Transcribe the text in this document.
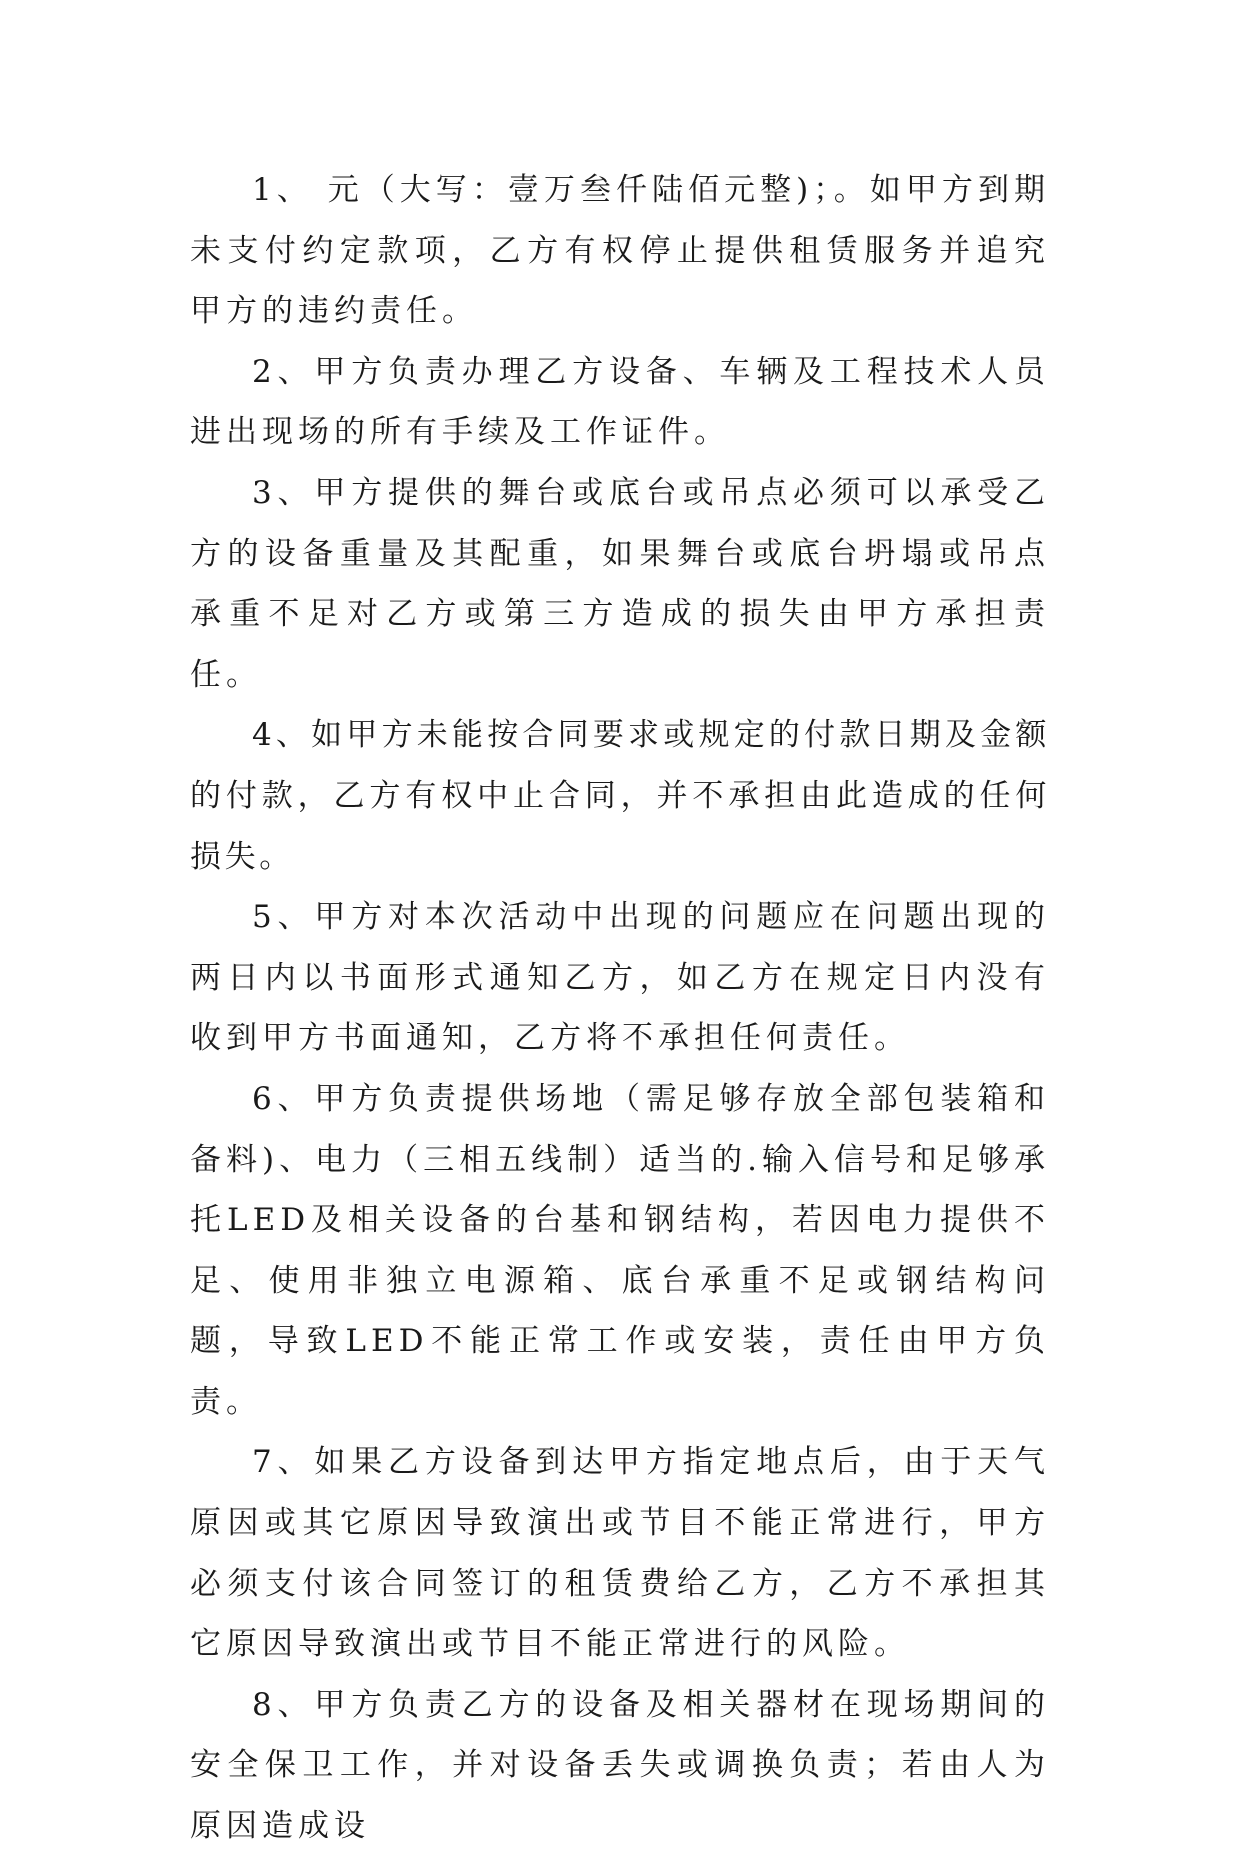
1、 元（大写：壹万叁仟陆佰元整)；。如甲方到期未支付约定款项，乙方有权停止提供租赁服务并追究甲方的违约责任。

2、甲方负责办理乙方设备、车辆及工程技术人员进出现场的所有手续及工作证件。

3、甲方提供的舞台或底台或吊点必须可以承受乙方的设备重量及其配重，如果舞台或底台坍塌或吊点承重不足对乙方或第三方造成的损失由甲方承担责任。

4、如甲方未能按合同要求或规定的付款日期及金额的付款，乙方有权中止合同，并不承担由此造成的任何损失。

5、甲方对本次活动中出现的问题应在问题出现的两日内以书面形式通知乙方，如乙方在规定日内没有收到甲方书面通知，乙方将不承担任何责任。

6、甲方负责提供场地（需足够存放全部包装箱和备料)、电力（三相五线制）适当的.输入信号和足够承托LED及相关设备的台基和钢结构，若因电力提供不足、使用非独立电源箱、底台承重不足或钢结构问题，导致LED不能正常工作或安装，责任由甲方负责。

7、如果乙方设备到达甲方指定地点后，由于天气原因或其它原因导致演出或节目不能正常进行，甲方必须支付该合同签订的租赁费给乙方，乙方不承担其它原因导致演出或节目不能正常进行的风险。

8、甲方负责乙方的设备及相关器材在现场期间的安全保卫工作，并对设备丢失或调换负责；若由人为原因造成设
